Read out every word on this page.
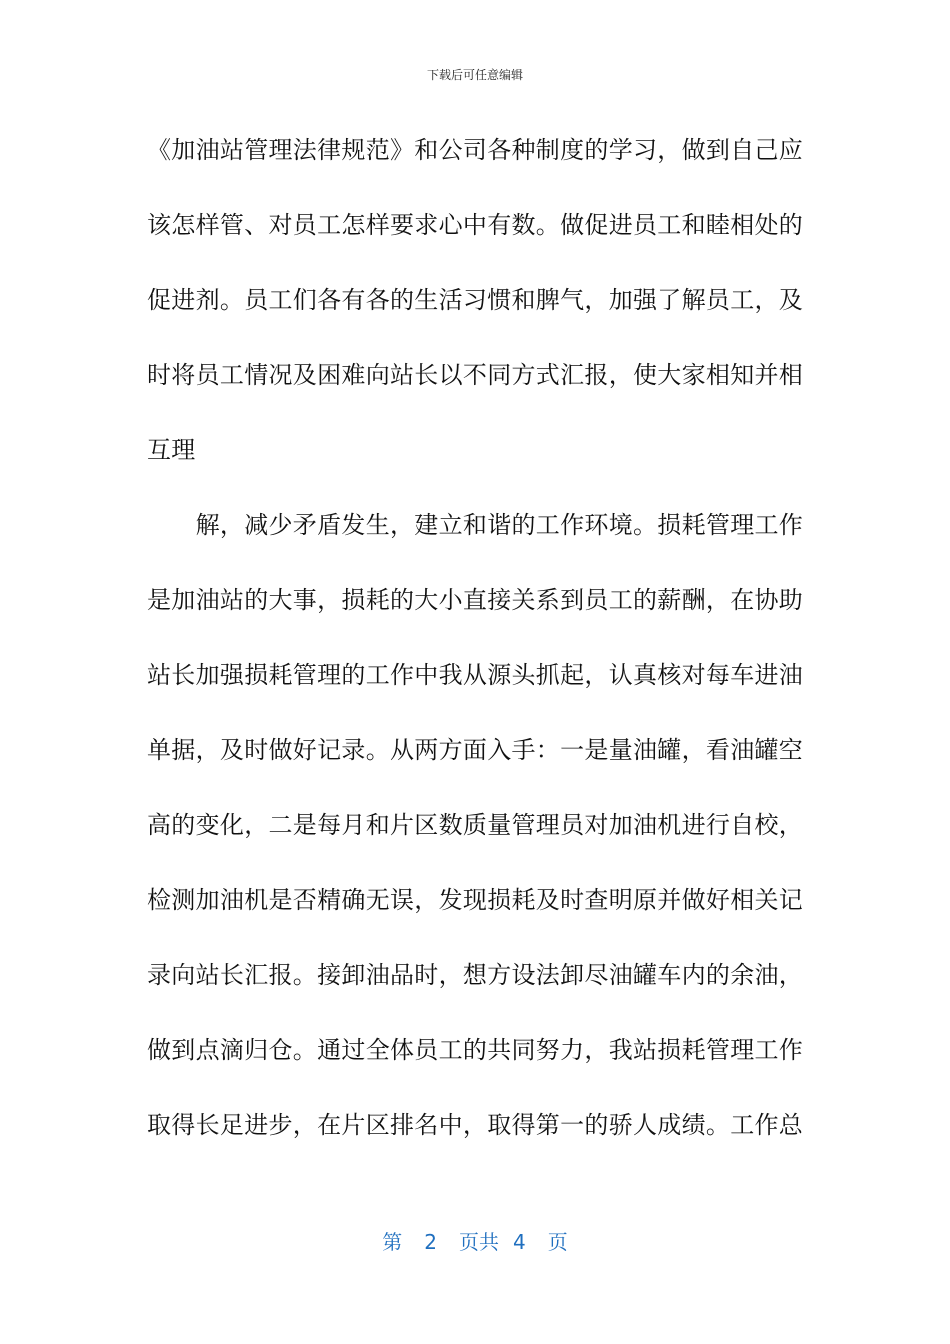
下载后可任意编辑
《加油站管理法律规范》和公司各种制度的学习，做到自己应
该怎样管、对员工怎样要求心中有数。做促进员工和睦相处的
促进剂。员工们各有各的生活习惯和脾气，加强了解员工，及
时将员工情况及困难向站长以不同方式汇报，使大家相知并相
互理
　　解，减少矛盾发生，建立和谐的工作环境。损耗管理工作
是加油站的大事，损耗的大小直接关系到员工的薪酬，在协助
站长加强损耗管理的工作中我从源头抓起，认真核对每车进油
单据，及时做好记录。从两方面入手：一是量油罐，看油罐空
高的变化，二是每月和片区数质量管理员对加油机进行自校，
检测加油机是否精确无误，发现损耗及时查明原并做好相关记
录向站长汇报。接卸油品时，想方设法卸尽油罐车内的余油，
做到点滴归仓。通过全体员工的共同努力，我站损耗管理工作
取得长足进步，在片区排名中，取得第一的骄人成绩。工作总
第 2 页共 4 页
